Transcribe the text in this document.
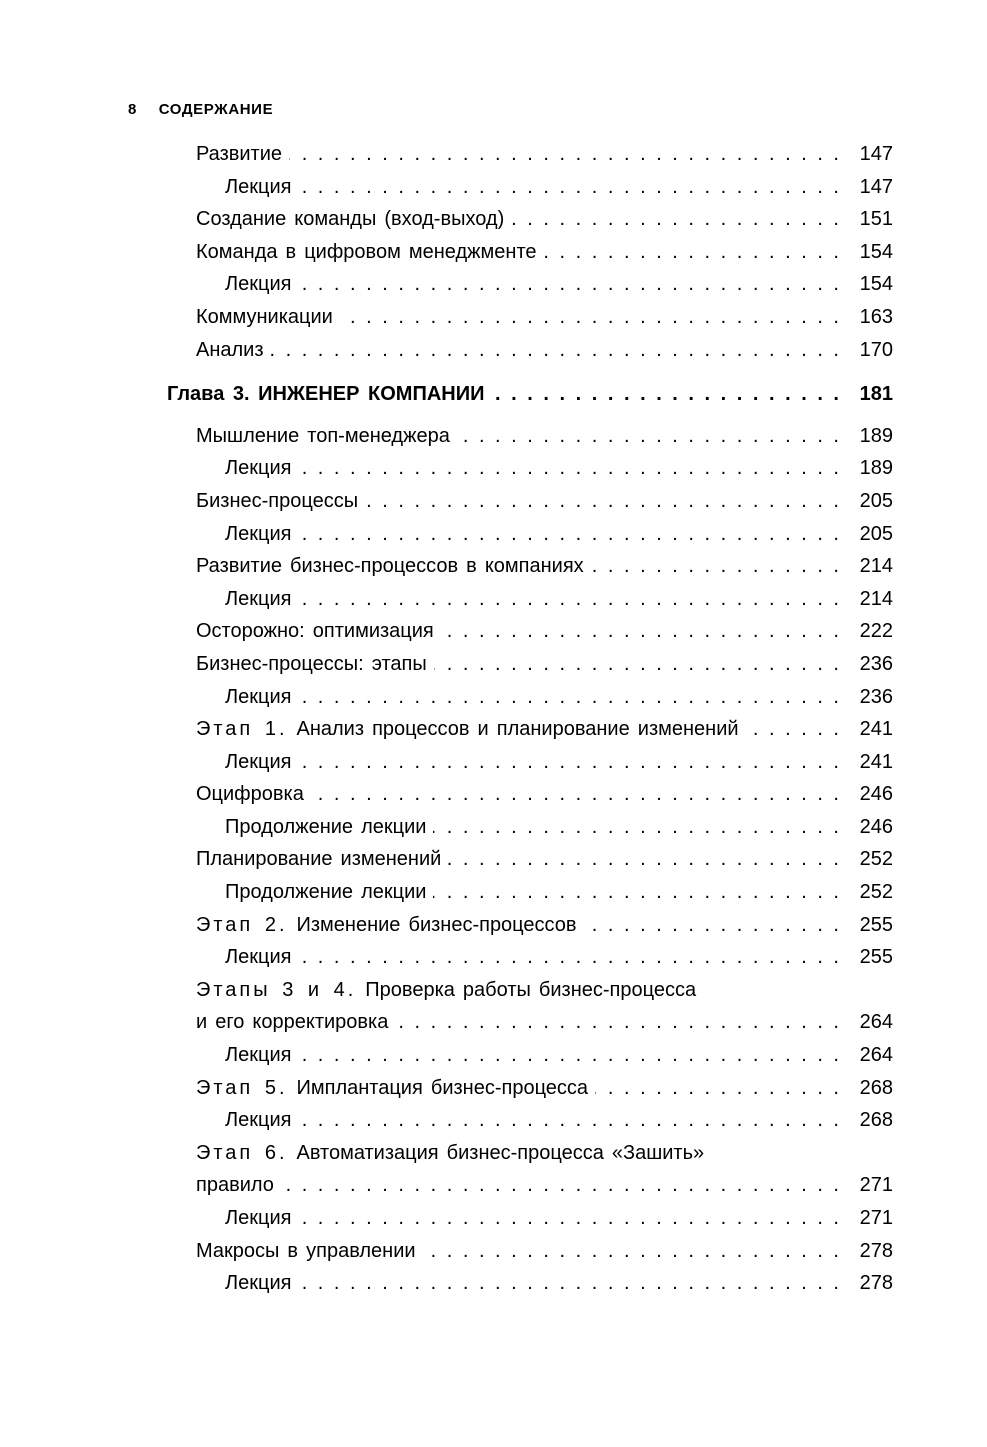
8 СОДЕРЖАНИЕ
Развитие . . .	147
Лекция . . .	147
Создание команды (вход-выход) . . .	151
Команда в цифровом менеджменте . . .	154
Лекция . . .	154
Коммуникации . . .	163
Анализ . . .	170
Глава 3. ИНЖЕНЕР КОМПАНИИ . . .	181
Мышление топ-менеджера . . .	189
Лекция . . .	189
Бизнес-процессы . . .	205
Лекция . . .	205
Развитие бизнес-процессов в компаниях . . .	214
Лекция . . .	214
Осторожно: оптимизация . . .	222
Бизнес-процессы: этапы . . .	236
Лекция . . .	236
Этап 1. Анализ процессов и планирование изменений . . .	241
Лекция . . .	241
Оцифровка . . .	246
Продолжение лекции . . .	246
Планирование изменений . . .	252
Продолжение лекции . . .	252
Этап 2. Изменение бизнес-процессов . . .	255
Лекция . . .	255
Этапы 3 и 4. Проверка работы бизнес-процесса
и его корректировка . . .	264
Лекция . . .	264
Этап 5. Имплантация бизнес-процесса . . .	268
Лекция . . .	268
Этап 6. Автоматизация бизнес-процесса «Зашить»
правило . . .	271
Лекция . . .	271
Макросы в управлении . . .	278
Лекция . . .	278
